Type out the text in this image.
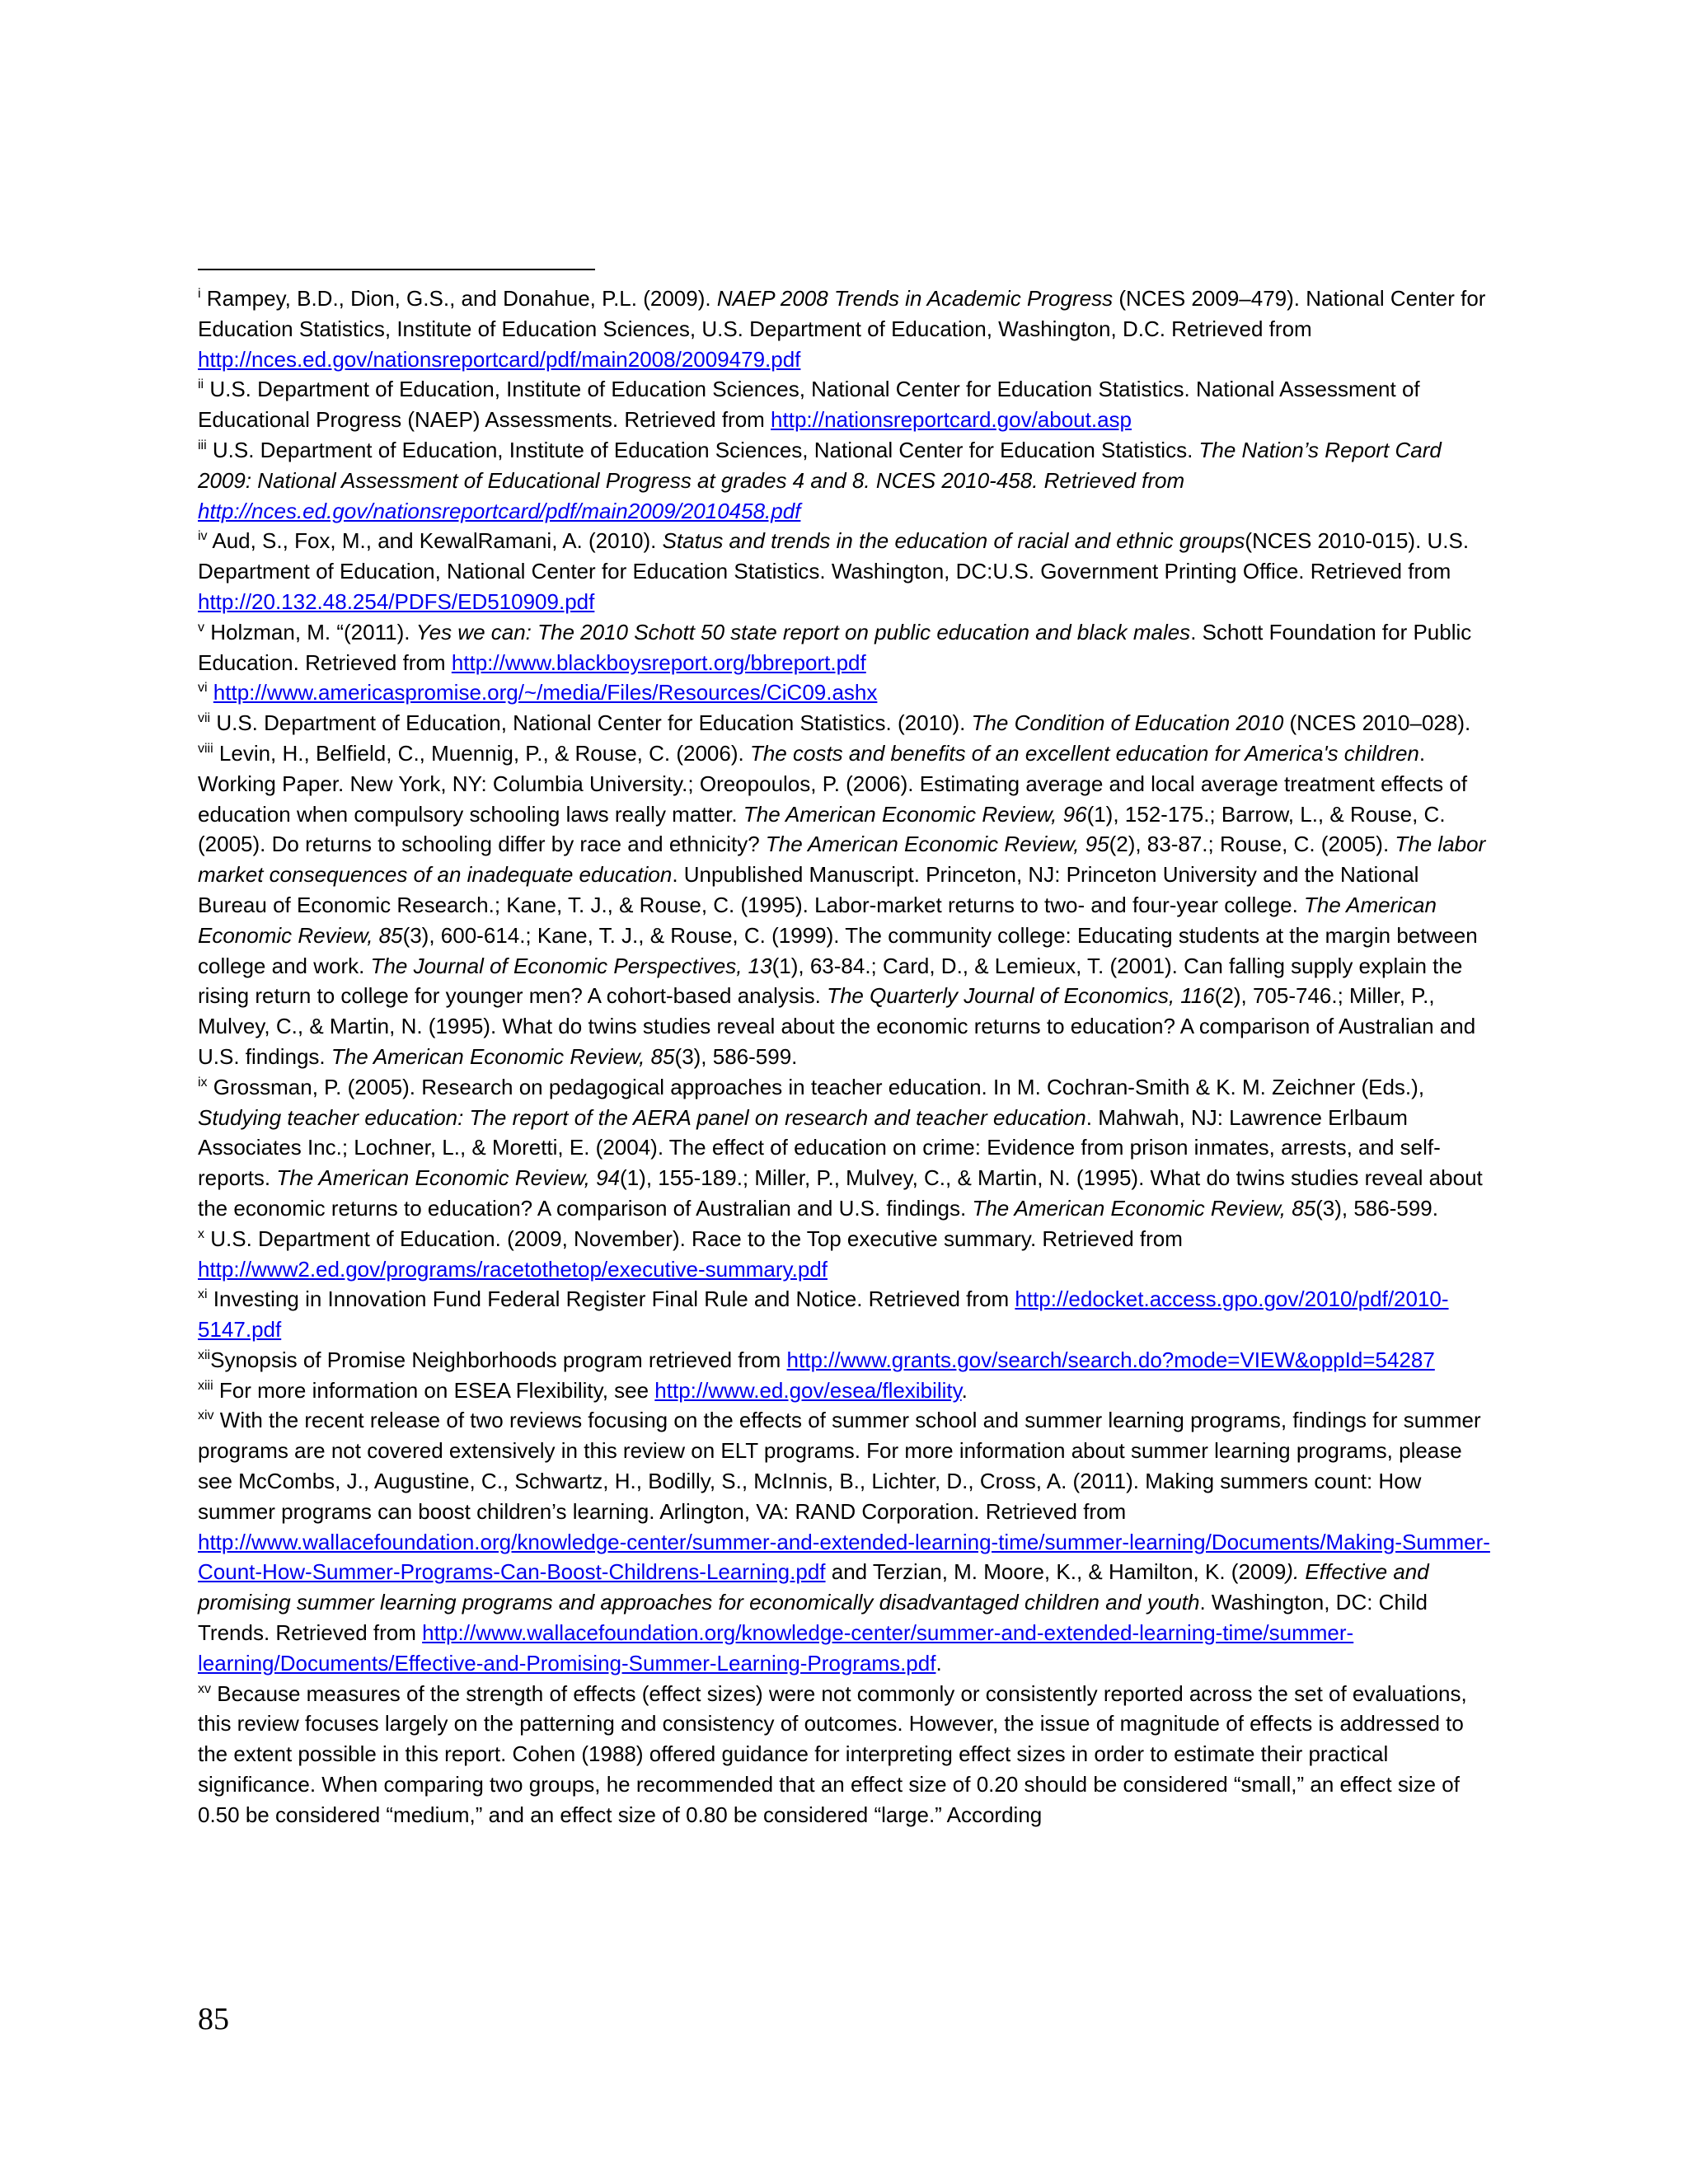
$^i$ Rampey, B.D., Dion, G.S., and Donahue, P.L. (2009). NAEP 2008 Trends in Academic Progress (NCES 2009–479). National Center for Education Statistics, Institute of Education Sciences, U.S. Department of Education, Washington, D.C. Retrieved from http://nces.ed.gov/nationsreportcard/pdf/main2008/2009479.pdf

$^{ii}$ U.S. Department of Education, Institute of Education Sciences, National Center for Education Statistics. National Assessment of Educational Progress (NAEP) Assessments. Retrieved from http://nationsreportcard.gov/about.asp

$^{iii}$ U.S. Department of Education, Institute of Education Sciences, National Center for Education Statistics. The Nation’s Report Card 2009: National Assessment of Educational Progress at grades 4 and 8. NCES 2010-458. Retrieved from http://nces.ed.gov/nationsreportcard/pdf/main2009/2010458.pdf

$^{iv}$ Aud, S., Fox, M., and KewalRamani, A. (2010). Status and trends in the education of racial and ethnic groups(NCES 2010-015). U.S. Department of Education, National Center for Education Statistics. Washington, DC:U.S. Government Printing Office. Retrieved from http://20.132.48.254/PDFS/ED510909.pdf

$^v$ Holzman, M. “(2011). Yes we can: The 2010 Schott 50 state report on public education and black males. Schott Foundation for Public Education. Retrieved from http://www.blackboysreport.org/bbreport.pdf

$^{vi}$ http://www.americaspromise.org/~/media/Files/Resources/CiC09.ashx

$^{vii}$ U.S. Department of Education, National Center for Education Statistics. (2010). The Condition of Education 2010 (NCES 2010–028).

$^{viii}$ Levin, H., Belfield, C., Muennig, P., & Rouse, C. (2006). The costs and benefits of an excellent education for America's children. Working Paper. New York, NY: Columbia University.; Oreopoulos, P. (2006). Estimating average and local average treatment effects of education when compulsory schooling laws really matter. The American Economic Review, 96(1), 152-175.; Barrow, L., & Rouse, C. (2005). Do returns to schooling differ by race and ethnicity? The American Economic Review, 95(2), 83-87.; Rouse, C. (2005). The labor market consequences of an inadequate education. Unpublished Manuscript. Princeton, NJ: Princeton University and the National Bureau of Economic Research.; Kane, T. J., & Rouse, C. (1995). Labor-market returns to two- and four-year college. The American Economic Review, 85(3), 600-614.; Kane, T. J., & Rouse, C. (1999). The community college: Educating students at the margin between college and work. The Journal of Economic Perspectives, 13(1), 63-84.; Card, D., & Lemieux, T. (2001). Can falling supply explain the rising return to college for younger men? A cohort-based analysis. The Quarterly Journal of Economics, 116(2), 705-746.; Miller, P., Mulvey, C., & Martin, N. (1995). What do twins studies reveal about the economic returns to education? A comparison of Australian and U.S. findings. The American Economic Review, 85(3), 586-599.

$^{ix}$ Grossman, P. (2005). Research on pedagogical approaches in teacher education. In M. Cochran-Smith & K. M. Zeichner (Eds.), Studying teacher education: The report of the AERA panel on research and teacher education. Mahwah, NJ: Lawrence Erlbaum Associates Inc.; Lochner, L., & Moretti, E. (2004). The effect of education on crime: Evidence from prison inmates, arrests, and self-reports. The American Economic Review, 94(1), 155-189.; Miller, P., Mulvey, C., & Martin, N. (1995). What do twins studies reveal about the economic returns to education? A comparison of Australian and U.S. findings. The American Economic Review, 85(3), 586-599.

$^x$ U.S. Department of Education. (2009, November). Race to the Top executive summary. Retrieved from http://www2.ed.gov/programs/racetothetop/executive-summary.pdf

$^{xi}$ Investing in Innovation Fund Federal Register Final Rule and Notice. Retrieved from http://edocket.access.gpo.gov/2010/pdf/2010-5147.pdf

$^{xii}$Synopsis of Promise Neighborhoods program retrieved from http://www.grants.gov/search/search.do?mode=VIEW&oppId=54287

$^{xiii}$ For more information on ESEA Flexibility, see http://www.ed.gov/esea/flexibility.

$^{xiv}$ With the recent release of two reviews focusing on the effects of summer school and summer learning programs, findings for summer programs are not covered extensively in this review on ELT programs. For more information about summer learning programs, please see McCombs, J., Augustine, C., Schwartz, H., Bodilly, S., McInnis, B., Lichter, D., Cross, A. (2011). Making summers count: How summer programs can boost children’s learning. Arlington, VA: RAND Corporation. Retrieved from http://www.wallacefoundation.org/knowledge-center/summer-and-extended-learning-time/summer-learning/Documents/Making-Summer-Count-How-Summer-Programs-Can-Boost-Childrens-Learning.pdf and Terzian, M. Moore, K., & Hamilton, K. (2009). Effective and promising summer learning programs and approaches for economically disadvantaged children and youth. Washington, DC: Child Trends. Retrieved from http://www.wallacefoundation.org/knowledge-center/summer-and-extended-learning-time/summer-learning/Documents/Effective-and-Promising-Summer-Learning-Programs.pdf.

$^{xv}$ Because measures of the strength of effects (effect sizes) were not commonly or consistently reported across the set of evaluations, this review focuses largely on the patterning and consistency of outcomes. However, the issue of magnitude of effects is addressed to the extent possible in this report. Cohen (1988) offered guidance for interpreting effect sizes in order to estimate their practical significance. When comparing two groups, he recommended that an effect size of 0.20 should be considered “small,” an effect size of 0.50 be considered “medium,” and an effect size of 0.80 be considered “large.” According

85
